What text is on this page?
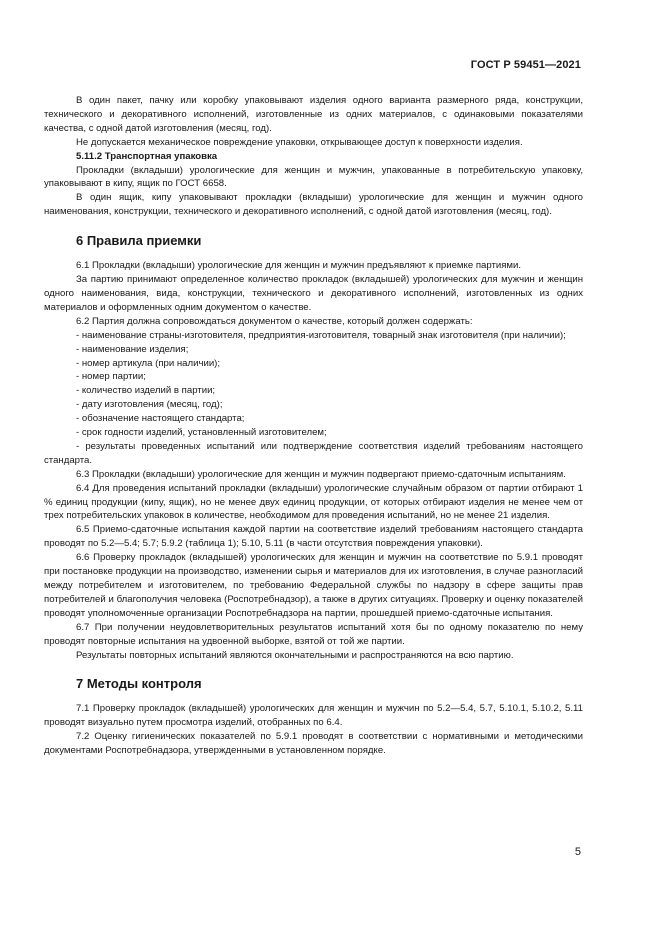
ГОСТ Р 59451—2021

В один пакет, пачку или коробку упаковывают изделия одного варианта размерного ряда, конструкции, технического и декоративного исполнений, изготовленные из одних материалов, с одинаковыми показателями качества, с одной датой изготовления (месяц, год).

Не допускается механическое повреждение упаковки, открывающее доступ к поверхности изделия.

5.11.2 Транспортная упаковка

Прокладки (вкладыши) урологические для женщин и мужчин, упакованные в потребительскую упаковку, упаковывают в кипу, ящик по ГОСТ 6658.

В один ящик, кипу упаковывают прокладки (вкладыши) урологические для женщин и мужчин одного наименования, конструкции, технического и декоративного исполнений, с одной датой изготовления (месяц, год).

6 Правила приемки

6.1 Прокладки (вкладыши) урологические для женщин и мужчин предъявляют к приемке партиями.

За партию принимают определенное количество прокладок (вкладышей) урологических для мужчин и женщин одного наименования, вида, конструкции, технического и декоративного исполнений, изготовленных из одних материалов и оформленных одним документом о качестве.

6.2 Партия должна сопровождаться документом о качестве, который должен содержать:

- наименование страны-изготовителя, предприятия-изготовителя, товарный знак изготовителя (при наличии);

- наименование изделия;

- номер артикула (при наличии);

- номер партии;

- количество изделий в партии;

- дату изготовления (месяц, год);

- обозначение настоящего стандарта;

- срок годности изделий, установленный изготовителем;

- результаты проведенных испытаний или подтверждение соответствия изделий требованиям настоящего стандарта.

6.3 Прокладки (вкладыши) урологические для женщин и мужчин подвергают приемо-сдаточным испытаниям.

6.4 Для проведения испытаний прокладки (вкладыши) урологические случайным образом от партии отбирают 1 % единиц продукции (кипу, ящик), но не менее двух единиц продукции, от которых отбирают изделия не менее чем от трех потребительских упаковок в количестве, необходимом для проведения испытаний, но не менее 21 изделия.

6.5 Приемо-сдаточные испытания каждой партии на соответствие изделий требованиям настоящего стандарта проводят по 5.2—5.4; 5.7; 5.9.2 (таблица 1); 5.10, 5.11 (в части отсутствия повреждения упаковки).

6.6 Проверку прокладок (вкладышей) урологических для женщин и мужчин на соответствие по 5.9.1 проводят при постановке продукции на производство, изменении сырья и материалов для их изготовления, в случае разногласий между потребителем и изготовителем, по требованию Федеральной службы по надзору в сфере защиты прав потребителей и благополучия человека (Роспотребнадзор), а также в других ситуациях. Проверку и оценку показателей проводят уполномоченные организации Роспотребнадзора на партии, прошедшей приемо-сдаточные испытания.

6.7 При получении неудовлетворительных результатов испытаний хотя бы по одному показателю по нему проводят повторные испытания на удвоенной выборке, взятой от той же партии.

Результаты повторных испытаний являются окончательными и распространяются на всю партию.

7 Методы контроля

7.1 Проверку прокладок (вкладышей) урологических для женщин и мужчин по 5.2—5.4, 5.7, 5.10.1, 5.10.2, 5.11 проводят визуально путем просмотра изделий, отобранных по 6.4.

7.2 Оценку гигиенических показателей по 5.9.1 проводят в соответствии с нормативными и методическими документами Роспотребнадзора, утвержденными в установленном порядке.

5
